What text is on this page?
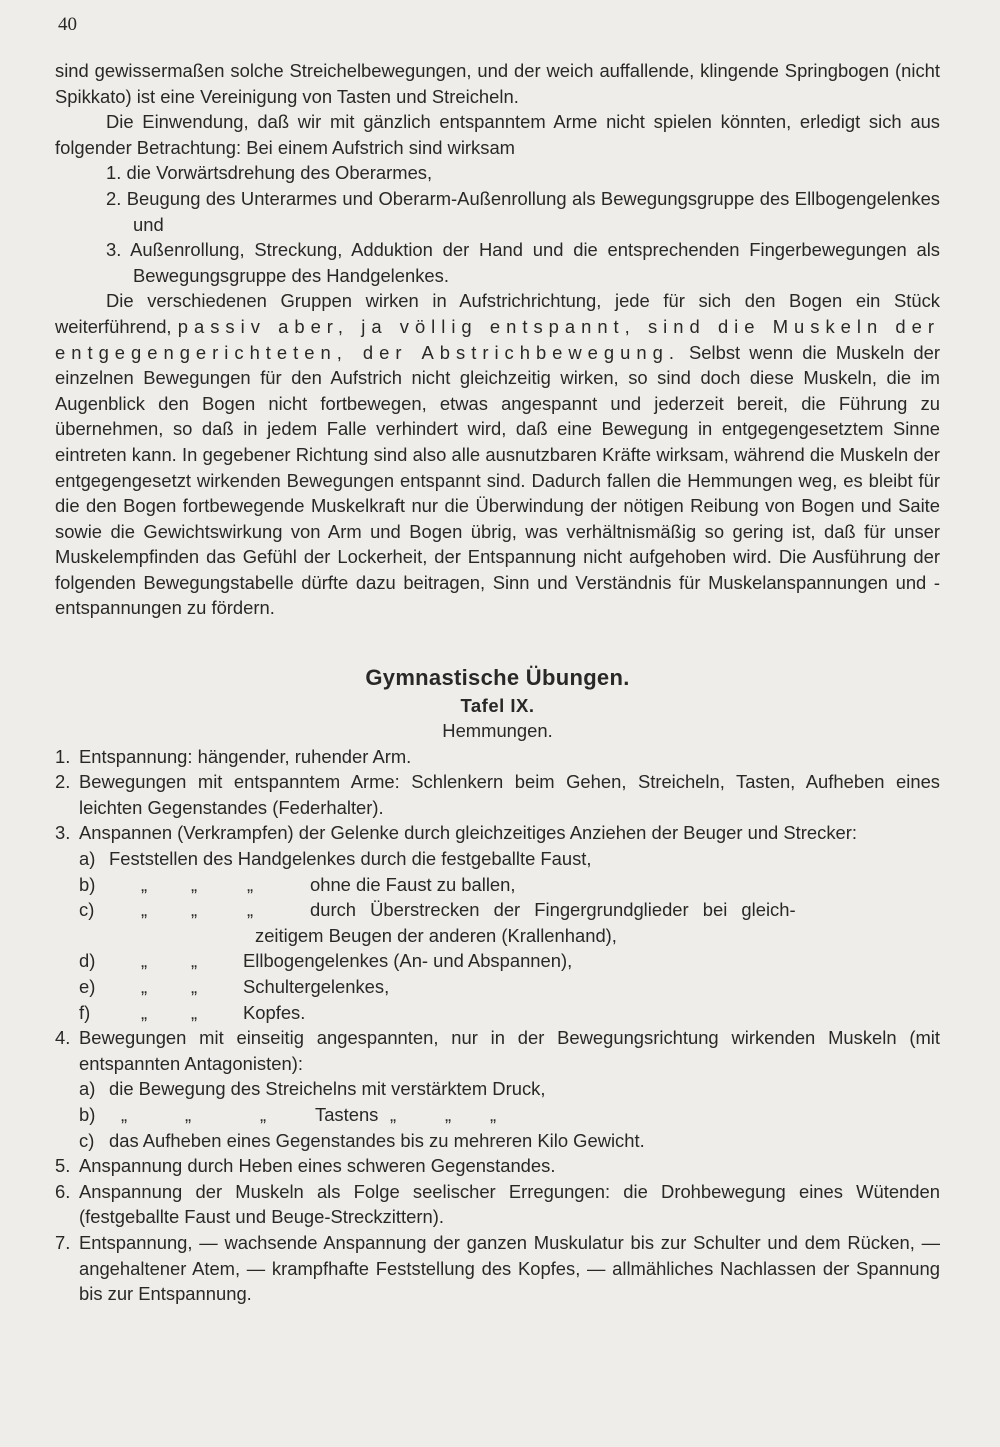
40

sind gewissermaßen solche Streichelbewegungen, und der weich auffallende, klingende Springbogen (nicht Spikkato) ist eine Vereinigung von Tasten und Streicheln.

Die Einwendung, daß wir mit gänzlich entspanntem Arme nicht spielen könnten, erledigt sich aus folgender Betrachtung: Bei einem Aufstrich sind wirksam

1. die Vorwärtsdrehung des Oberarmes,

2. Beugung des Unterarmes und Oberarm-Außenrollung als Bewegungsgruppe des Ellbogengelenkes und

3. Außenrollung, Streckung, Adduktion der Hand und die entsprechenden Fingerbewegungen als Bewegungsgruppe des Handgelenkes.

Die verschiedenen Gruppen wirken in Aufstrichrichtung, jede für sich den Bogen ein Stück weiterführend, passiv aber, ja völlig entspannt, sind die Muskeln der entgegengerichteten, der Abstrichbewegung. Selbst wenn die Muskeln der einzelnen Bewegungen für den Aufstrich nicht gleichzeitig wirken, so sind doch diese Muskeln, die im Augenblick den Bogen nicht fortbewegen, etwas angespannt und jederzeit bereit, die Führung zu übernehmen, so daß in jedem Falle verhindert wird, daß eine Bewegung in entgegengesetztem Sinne eintreten kann. In gegebener Richtung sind also alle ausnutzbaren Kräfte wirksam, während die Muskeln der entgegengesetzt wirkenden Bewegungen entspannt sind. Dadurch fallen die Hemmungen weg, es bleibt für die den Bogen fortbewegende Muskelkraft nur die Überwindung der nötigen Reibung von Bogen und Saite sowie die Gewichtswirkung von Arm und Bogen übrig, was verhältnismäßig so gering ist, daß für unser Muskelempfinden das Gefühl der Lockerheit, der Entspannung nicht aufgehoben wird. Die Ausführung der folgenden Bewegungstabelle dürfte dazu beitragen, Sinn und Verständnis für Muskelanspannungen und -entspannungen zu fördern.

Gymnastische Übungen.
Tafel IX.

Hemmungen.

1. Entspannung: hängender, ruhender Arm.

2. Bewegungen mit entspanntem Arme: Schlenkern beim Gehen, Streicheln, Tasten, Aufheben eines leichten Gegenstandes (Federhalter).

3. Anspannen (Verkrampfen) der Gelenke durch gleichzeitiges Anziehen der Beuger und Strecker:

a) Feststellen des Handgelenkes durch die festgeballte Faust,
b)	„	„	„	ohne die Faust zu ballen,
c)	„	„	„	durch Überstrecken der Fingergrundglieder bei gleich-

zeitigem Beugen der anderen (Krallenhand),

d)	„	„	Ellbogengelenkes (An- und Abspannen),
e)	„	„	Schultergelenkes,
f)	„	„	Kopfes.

4. Bewegungen mit einseitig angespannten, nur in der Bewegungsrichtung wirkenden Muskeln (mit entspannten Antagonisten):

a) die Bewegung des Streichelns mit verstärktem Druck,
b)	„	„	„	Tastens „	„	„
c) das Aufheben eines Gegenstandes bis zu mehreren Kilo Gewicht.

5. Anspannung durch Heben eines schweren Gegenstandes.

6. Anspannung der Muskeln als Folge seelischer Erregungen: die Drohbewegung eines Wütenden (festgeballte Faust und Beuge-Streckzittern).

7. Entspannung, — wachsende Anspannung der ganzen Muskulatur bis zur Schulter und dem Rücken, — angehaltener Atem, — krampfhafte Feststellung des Kopfes, — allmähliches Nachlassen der Spannung bis zur Entspannung.
